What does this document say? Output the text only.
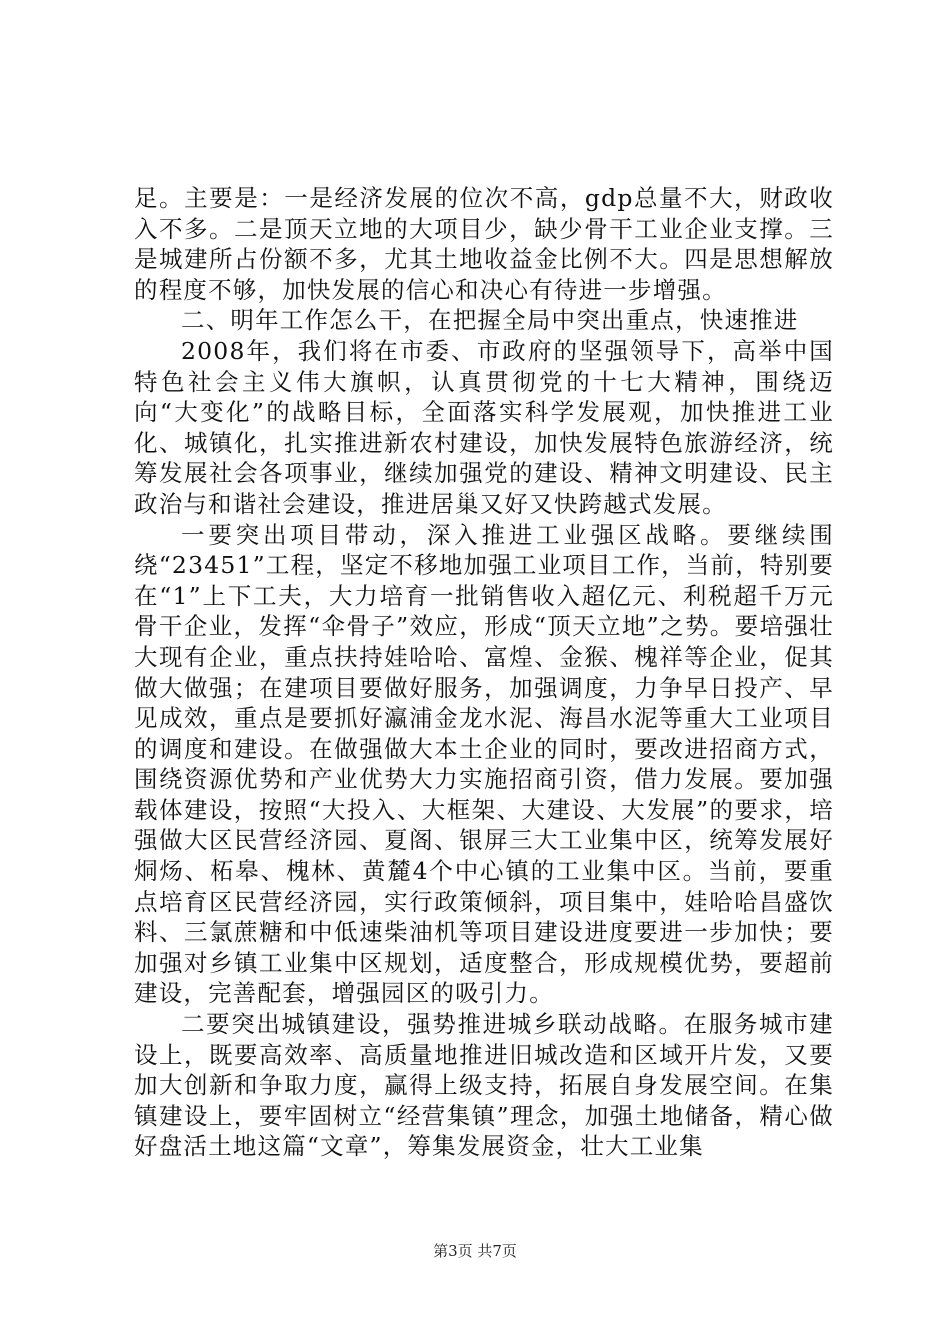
足。主要是：一是经济发展的位次不高，gdp总量不大，财政收入不多。二是顶天立地的大项目少，缺少骨干工业企业支撑。三是城建所占份额不多，尤其土地收益金比例不大。四是思想解放的程度不够，加快发展的信心和决心有待进一步增强。

二、明年工作怎么干，在把握全局中突出重点，快速推进

2008年，我们将在市委、市政府的坚强领导下，高举中国特色社会主义伟大旗帜，认真贯彻党的十七大精神，围绕迈向“大变化”的战略目标，全面落实科学发展观，加快推进工业化、城镇化，扎实推进新农村建设，加快发展特色旅游经济，统筹发展社会各项事业，继续加强党的建设、精神文明建设、民主政治与和谐社会建设，推进居巢又好又快跨越式发展。

一要突出项目带动，深入推进工业强区战略。要继续围绕“23451”工程，坚定不移地加强工业项目工作，当前，特别要在“1”上下工夫，大力培育一批销售收入超亿元、利税超千万元骨干企业，发挥“伞骨子”效应，形成“顶天立地”之势。要培强壮大现有企业，重点扶持娃哈哈、富煌、金猴、槐祥等企业，促其做大做强；在建项目要做好服务，加强调度，力争早日投产、早见成效，重点是要抓好瀛浦金龙水泥、海昌水泥等重大工业项目的调度和建设。在做强做大本土企业的同时，要改进招商方式，围绕资源优势和产业优势大力实施招商引资，借力发展。要加强载体建设，按照“大投入、大框架、大建设、大发展”的要求，培强做大区民营经济园、夏阁、银屏三大工业集中区，统筹发展好烔炀、柘皋、槐林、黄麓4个中心镇的工业集中区。当前，要重点培育区民营经济园，实行政策倾斜，项目集中，娃哈哈昌盛饮料、三氯蔗糖和中低速柴油机等项目建设进度要进一步加快；要加强对乡镇工业集中区规划，适度整合，形成规模优势，要超前建设，完善配套，增强园区的吸引力。

二要突出城镇建设，强势推进城乡联动战略。在服务城市建设上，既要高效率、高质量地推进旧城改造和区域开片发，又要加大创新和争取力度，赢得上级支持，拓展自身发展空间。在集镇建设上，要牢固树立“经营集镇”理念，加强土地储备，精心做好盘活土地这篇“文章”，筹集发展资金，壮大工业集

第3页 共7页
